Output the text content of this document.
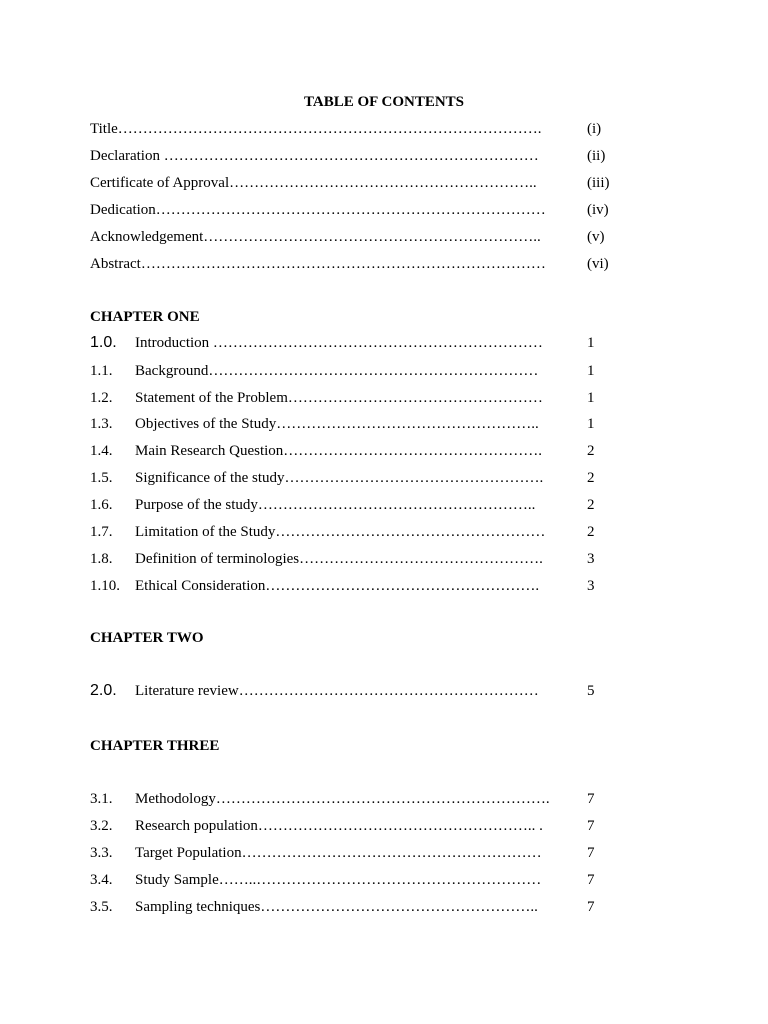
TABLE OF CONTENTS
Title………………………………………………………………………….	(i)
Declaration …………………………………………………………………	(ii)
Certificate of Approval……………………………………………………..	(iii)
Dedication……………………………………………………………………	(iv)
Acknowledgement…………………………………………………………..	(v)
Abstract………………………………………………………………………	(vi)
CHAPTER ONE
1.0. Introduction …………………………………………………………	1
1.1. Background…………………………………………………………	1
1.2. Statement of the Problem……………………………………………	1
1.3. Objectives of the Study……………………………………………..	1
1.4. Main Research Question…………………………………………….	2
1.5. Significance of the study…………………………………………….	2
1.6. Purpose of the study………………………………………………..	2
1.7. Limitation of the Study………………………………………………	2
1.8. Definition of terminologies………………………………………….	3
1.10. Ethical Consideration……………………………………………….	3
CHAPTER TWO
2.0. Literature review……………………………………………………	5
CHAPTER THREE
3.1. Methodology…………………………………………………………. 7
3.2. Research population……………………………………………….. .	7
3.3. Target Population……………………………………………………	7
3.4. Study Sample……..…………………………………………………	7
3.5. Sampling techniques………………………………………………..	7
